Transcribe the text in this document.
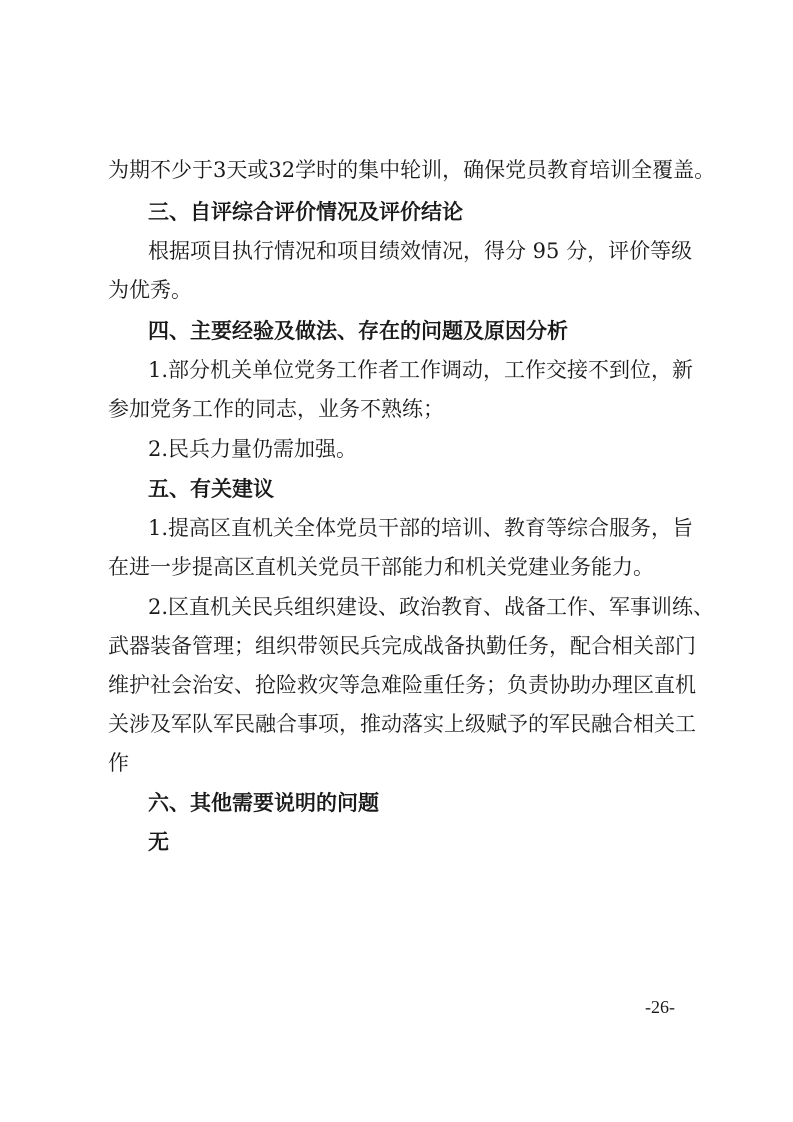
为期不少于3天或32学时的集中轮训，确保党员教育培训全覆盖。
三、自评综合评价情况及评价结论
根据项目执行情况和项目绩效情况，得分 95 分，评价等级
为优秀。
四、主要经验及做法、存在的问题及原因分析
1.部分机关单位党务工作者工作调动，工作交接不到位，新
参加党务工作的同志，业务不熟练；
2.民兵力量仍需加强。
五、有关建议
1.提高区直机关全体党员干部的培训、教育等综合服务，旨
在进一步提高区直机关党员干部能力和机关党建业务能力。
2.区直机关民兵组织建设、政治教育、战备工作、军事训练、
武器装备管理；组织带领民兵完成战备执勤任务，配合相关部门
维护社会治安、抢险救灾等急难险重任务；负责协助办理区直机
关涉及军队军民融合事项，推动落实上级赋予的军民融合相关工
作
六、其他需要说明的问题
无
-26-
